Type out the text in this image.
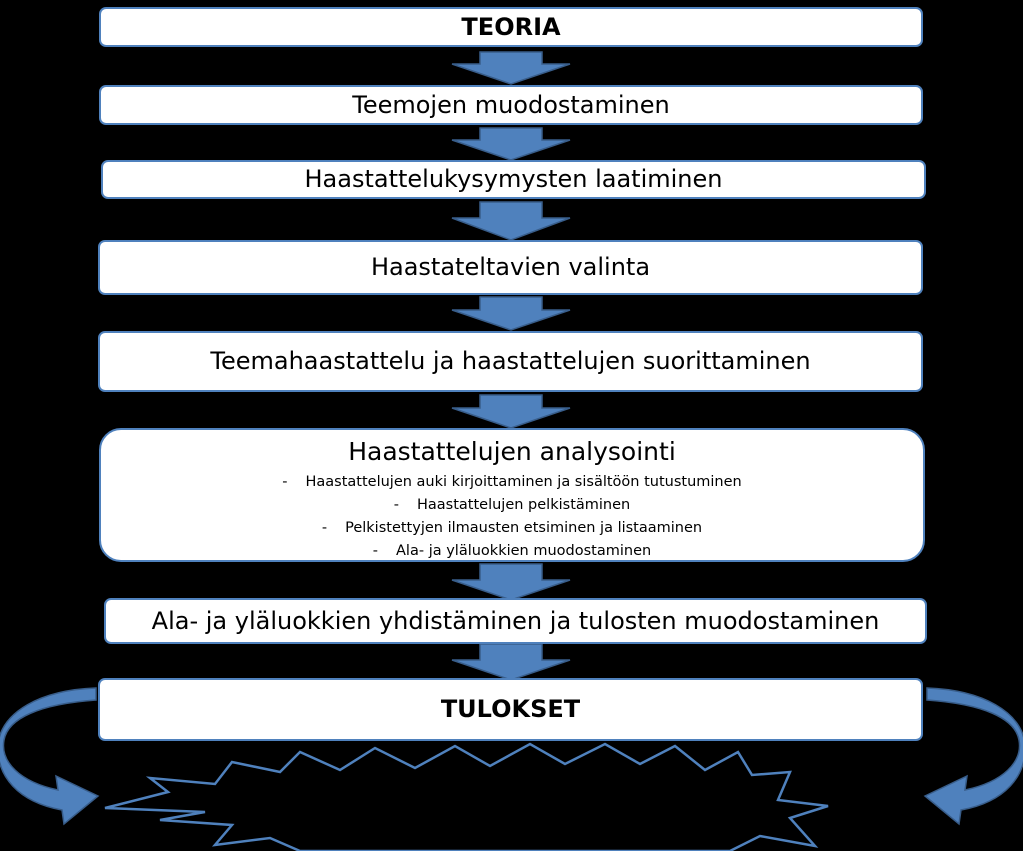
TEORIA
Teemojen muodostaminen
Haastattelukysymysten laatiminen
Haastateltavien valinta
Teemahaastattelu ja haastattelujen suorittaminen
Haastattelujen analysointi
- Haastattelujen auki kirjoittaminen ja sisältöön tutustuminen
- Haastattelujen pelkistäminen
- Pelkistettyjen ilmausten etsiminen ja listaaminen
- Ala- ja yläluokkien muodostaminen
Ala- ja yläluokkien yhdistäminen ja tulosten muodostaminen
TULOKSET
